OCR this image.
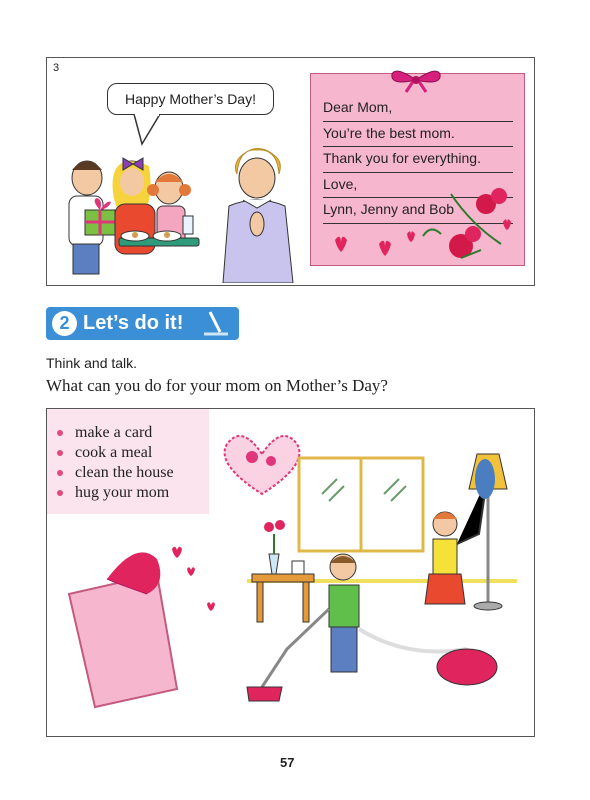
3
Happy Mother’s Day!	Dear Mom,
You’re the best mom.
Thank you for everything.
Love,
Lynn, Jenny and Bob
2 Let’s do it!
Think and talk.
What can you do for your mom on Mother’s Day?
make a card
cook a meal
clean the house
hug your mom
57
